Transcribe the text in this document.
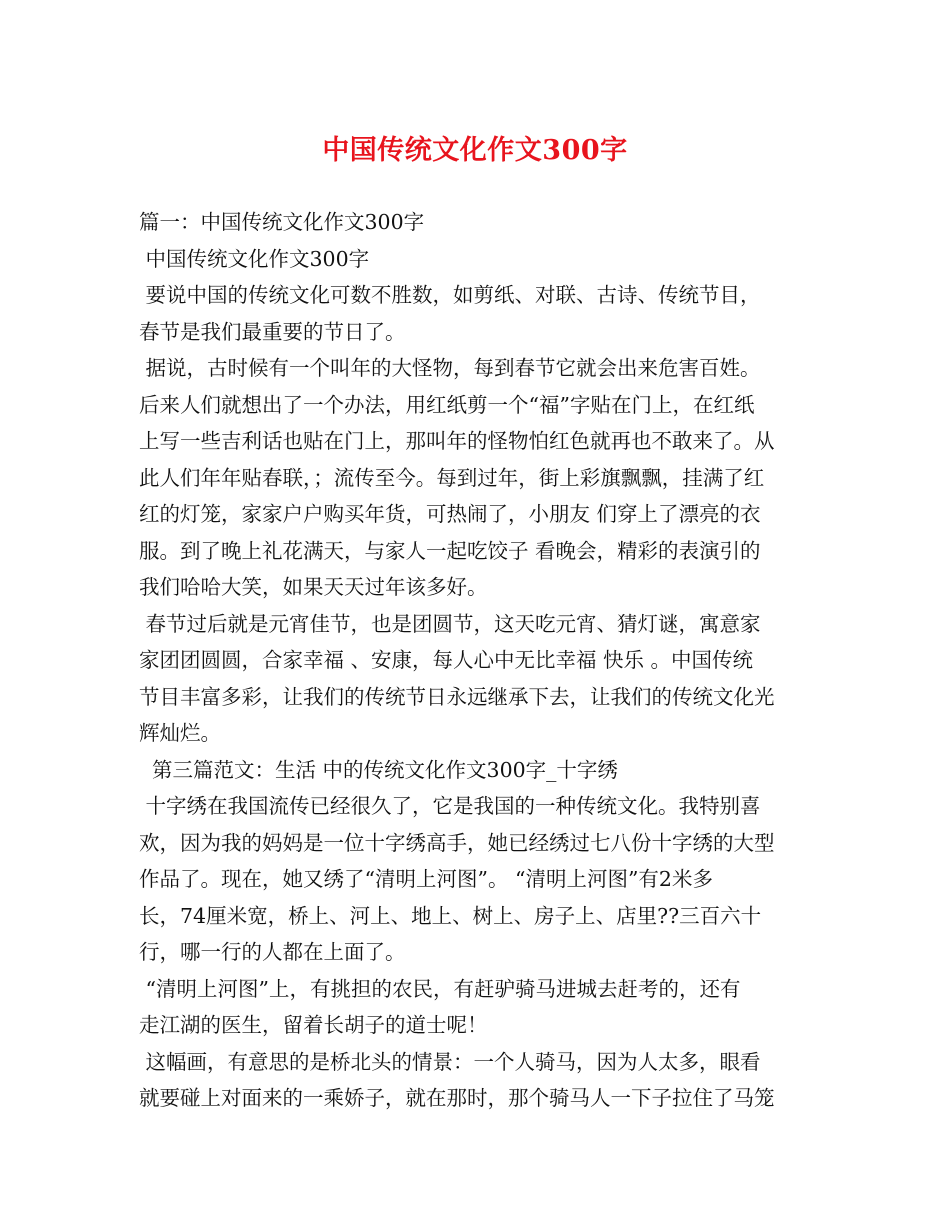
中国传统文化作文300字
篇一：中国传统文化作文300字
中国传统文化作文300字
要说中国的传统文化可数不胜数，如剪纸、对联、古诗、传统节目，
春节是我们最重要的节日了。
据说，古时候有一个叫年的大怪物，每到春节它就会出来危害百姓。
后来人们就想出了一个办法，用红纸剪一个“福”字贴在门上，在红纸
上写一些吉利话也贴在门上，那叫年的怪物怕红色就再也不敢来了。从
此人们年年贴春联，；流传至今。每到过年，街上彩旗飘飘，挂满了红
红的灯笼，家家户户购买年货，可热闹了，小朋友 们穿上了漂亮的衣
服。到了晚上礼花满天，与家人一起吃饺子 看晚会，精彩的表演引的
我们哈哈大笑，如果天天过年该多好。
春节过后就是元宵佳节，也是团圆节，这天吃元宵、猜灯谜，寓意家
家团团圆圆，合家幸福 、安康，每人心中无比幸福 快乐 。中国传统
节目丰富多彩，让我们的传统节日永远继承下去，让我们的传统文化光
辉灿烂。
第三篇范文：生活 中的传统文化作文300字_十字绣
十字绣在我国流传已经很久了，它是我国的一种传统文化。我特别喜
欢，因为我的妈妈是一位十字绣高手，她已经绣过七八份十字绣的大型
作品了。现在，她又绣了“清明上河图”。 “清明上河图”有2米多
长，74厘米宽，桥上、河上、地上、树上、房子上、店里??三百六十
行，哪一行的人都在上面了。
“清明上河图”上，有挑担的农民，有赶驴骑马进城去赶考的，还有
走江湖的医生，留着长胡子的道士呢！
这幅画，有意思的是桥北头的情景：一个人骑马，因为人太多，眼看
就要碰上对面来的一乘娇子，就在那时，那个骑马人一下子拉住了马笼
